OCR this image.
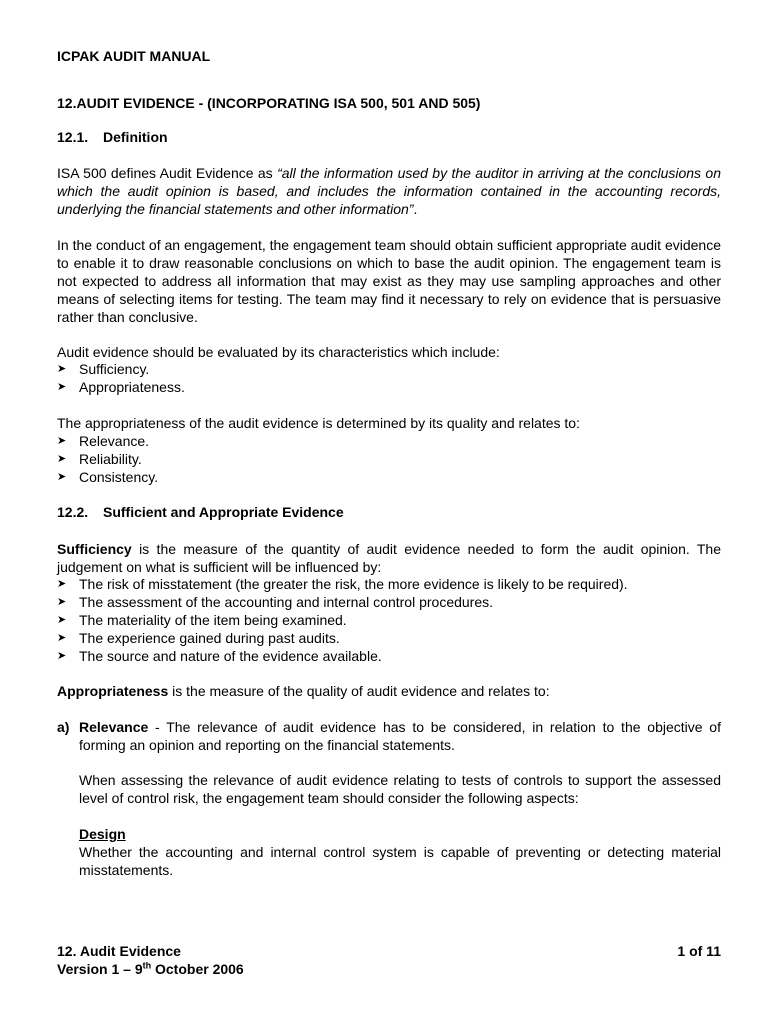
ICPAK AUDIT MANUAL
12.AUDIT EVIDENCE - (INCORPORATING ISA 500, 501 AND 505)
12.1. Definition

ISA 500 defines Audit Evidence as “all the information used by the auditor in arriving at the conclusions on which the audit opinion is based, and includes the information contained in the accounting records, underlying the financial statements and other information”.

In the conduct of an engagement, the engagement team should obtain sufficient appropriate audit evidence to enable it to draw reasonable conclusions on which to base the audit opinion. The engagement team is not expected to address all information that may exist as they may use sampling approaches and other means of selecting items for testing. The team may find it necessary to rely on evidence that is persuasive rather than conclusive.

Audit evidence should be evaluated by its characteristics which include:

➤ Sufficiency.
➤ Appropriateness.

The appropriateness of the audit evidence is determined by its quality and relates to:

➤ Relevance.
➤ Reliability.
➤ Consistency.
12.2. Sufficient and Appropriate Evidence

Sufficiency is the measure of the quantity of audit evidence needed to form the audit opinion. The judgement on what is sufficient will be influenced by:

➤ The risk of misstatement (the greater the risk, the more evidence is likely to be required).
➤ The assessment of the accounting and internal control procedures.
➤ The materiality of the item being examined.
➤ The experience gained during past audits.
➤ The source and nature of the evidence available.

Appropriateness is the measure of the quality of audit evidence and relates to:

a) Relevance - The relevance of audit evidence has to be considered, in relation to the objective of forming an opinion and reporting on the financial statements.

When assessing the relevance of audit evidence relating to tests of controls to support the assessed level of control risk, the engagement team should consider the following aspects:

Design

Whether the accounting and internal control system is capable of preventing or detecting material misstatements.

12. Audit Evidence	1 of 11
Version 1 – 9th October 2006
